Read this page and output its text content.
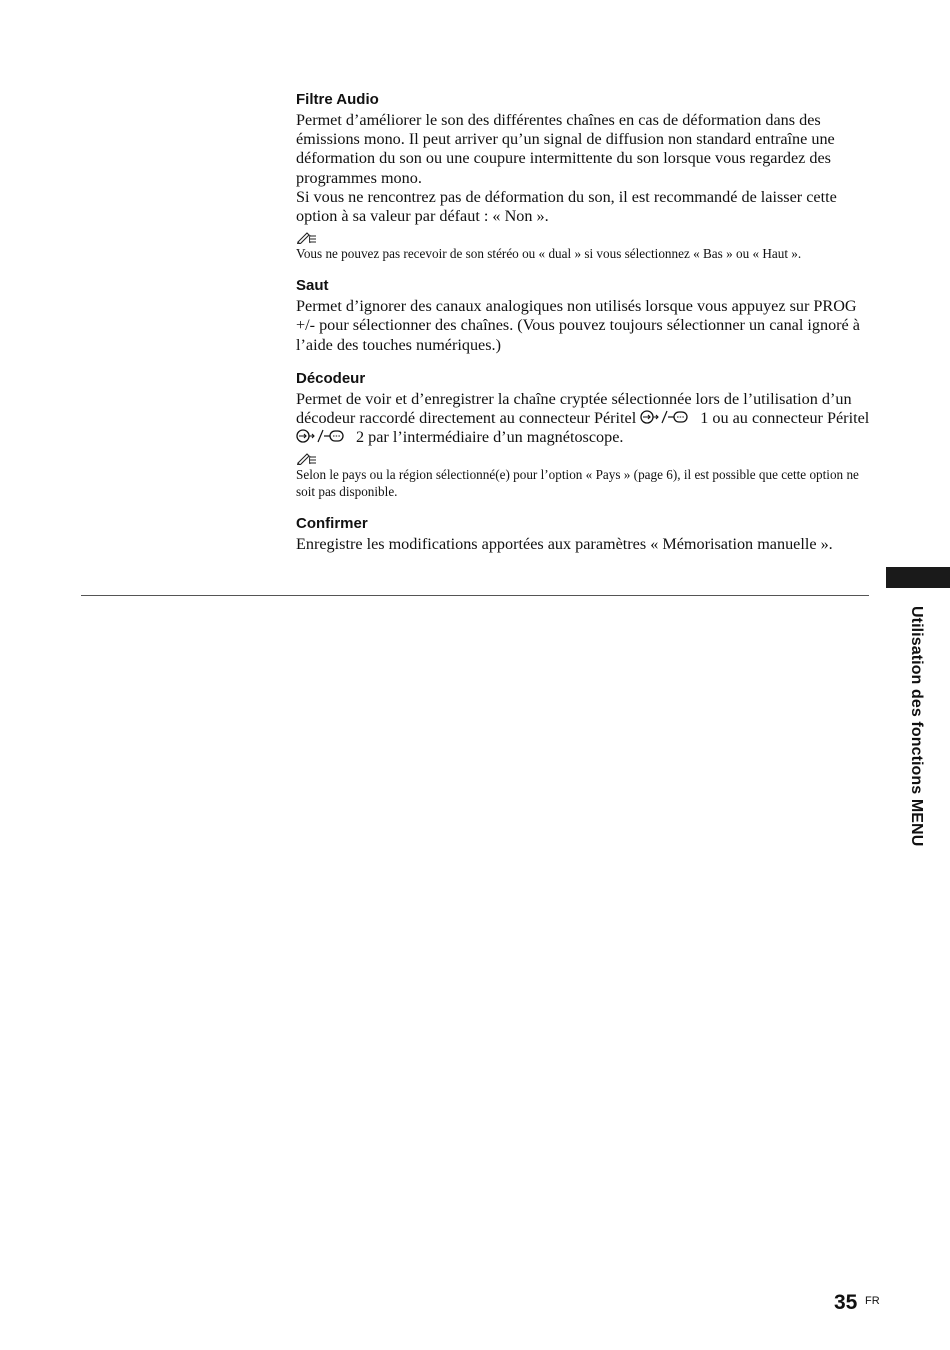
Filtre Audio

Permet d’améliorer le son des différentes chaînes en cas de déformation dans des émissions mono. Il peut arriver qu’un signal de diffusion non standard entraîne une déformation du son ou une coupure intermittente du son lorsque vous regardez des programmes mono.

Si vous ne rencontrez pas de déformation du son, il est recommandé de laisser cette option à sa valeur par défaut : « Non ».

Vous ne pouvez pas recevoir de son stéréo ou « dual » si vous sélectionnez « Bas » ou « Haut ».

Saut

Permet d’ignorer des canaux analogiques non utilisés lorsque vous appuyez sur PROG +/- pour sélectionner des chaînes. (Vous pouvez toujours sélectionner un canal ignoré à l’aide des touches numériques.)

Décodeur

Permet de voir et d’enregistrer la chaîne cryptée sélectionnée lors de l’utilisation d’un décodeur raccordé directement au connecteur Péritel	1 ou au connecteur Péritel 2 par l’intermédiaire d’un magnétoscope.

Selon le pays ou la région sélectionné(e) pour l’option « Pays » (page 6), il est possible que cette option ne soit pas disponible.

Confirmer

Enregistre les modifications apportées aux paramètres « Mémorisation manuelle ».

Utilisation des fonctions MENU
35 FR
